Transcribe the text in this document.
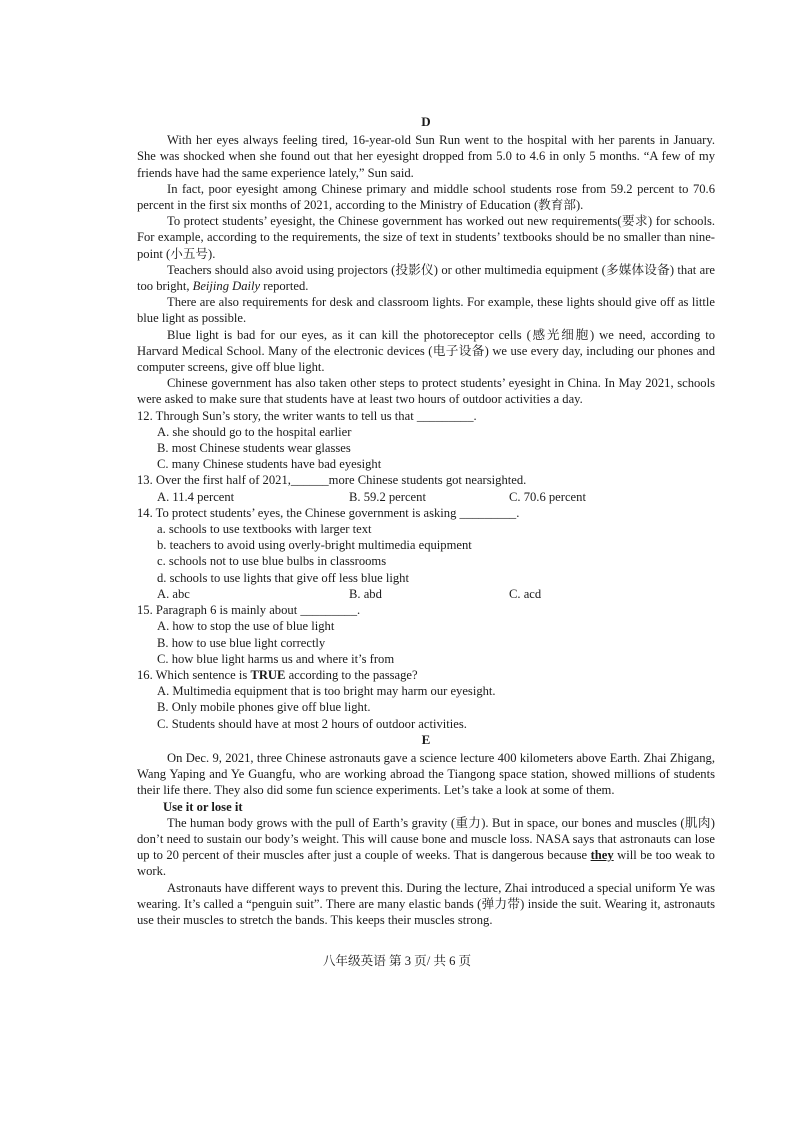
D

With her eyes always feeling tired, 16-year-old Sun Run went to the hospital with her parents in January. She was shocked when she found out that her eyesight dropped from 5.0 to 4.6 in only 5 months. “A few of my friends have had the same experience lately,” Sun said.

In fact, poor eyesight among Chinese primary and middle school students rose from 59.2 percent to 70.6 percent in the first six months of 2021, according to the Ministry of Education (教育部).

To protect students’ eyesight, the Chinese government has worked out new requirements(要求) for schools. For example, according to the requirements, the size of text in students’ textbooks should be no smaller than nine-point (小五号).

Teachers should also avoid using projectors (投影仪) or other multimedia equipment (多媒体设备) that are too bright, Beijing Daily reported.

There are also requirements for desk and classroom lights. For example, these lights should give off as little blue light as possible.

Blue light is bad for our eyes, as it can kill the photoreceptor cells (感光细胞) we need, according to Harvard Medical School. Many of the electronic devices (电子设备) we use every day, including our phones and computer screens, give off blue light.

Chinese government has also taken other steps to protect students’ eyesight in China. In May 2021, schools were asked to make sure that students have at least two hours of outdoor activities a day.

12. Through Sun’s story, the writer wants to tell us that _________.
A. she should go to the hospital earlier
B. most Chinese students wear glasses
C. many Chinese students have bad eyesight
13. Over the first half of 2021,______more Chinese students got nearsighted.
A. 11.4 percent	B. 59.2 percent	C. 70.6 percent
14. To protect students’ eyes, the Chinese government is asking _________.
a. schools to use textbooks with larger text
b. teachers to avoid using overly-bright multimedia equipment
c. schools not to use blue bulbs in classrooms
d. schools to use lights that give off less blue light
A. abc	B. abd	C. acd
15. Paragraph 6 is mainly about _________.
A. how to stop the use of blue light
B. how to use blue light correctly
C. how blue light harms us and where it’s from
16. Which sentence is TRUE according to the passage?
A. Multimedia equipment that is too bright may harm our eyesight.
B. Only mobile phones give off blue light.
C. Students should have at most 2 hours of outdoor activities.
E

On Dec. 9, 2021, three Chinese astronauts gave a science lecture 400 kilometers above Earth. Zhai Zhigang, Wang Yaping and Ye Guangfu, who are working abroad the Tiangong space station, showed millions of students their life there. They also did some fun science experiments. Let’s take a look at some of them.

Use it or lose it

The human body grows with the pull of Earth’s gravity (重力). But in space, our bones and muscles (肌肉) don’t need to sustain our body’s weight. This will cause bone and muscle loss. NASA says that astronauts can lose up to 20 percent of their muscles after just a couple of weeks. That is dangerous because they will be too weak to work.

Astronauts have different ways to prevent this. During the lecture, Zhai introduced a special uniform Ye was wearing. It’s called a “penguin suit”. There are many elastic bands (弹力带) inside the suit. Wearing it, astronauts use their muscles to stretch the bands. This keeps their muscles strong.

八年级英语 第 3 页/ 共 6 页
